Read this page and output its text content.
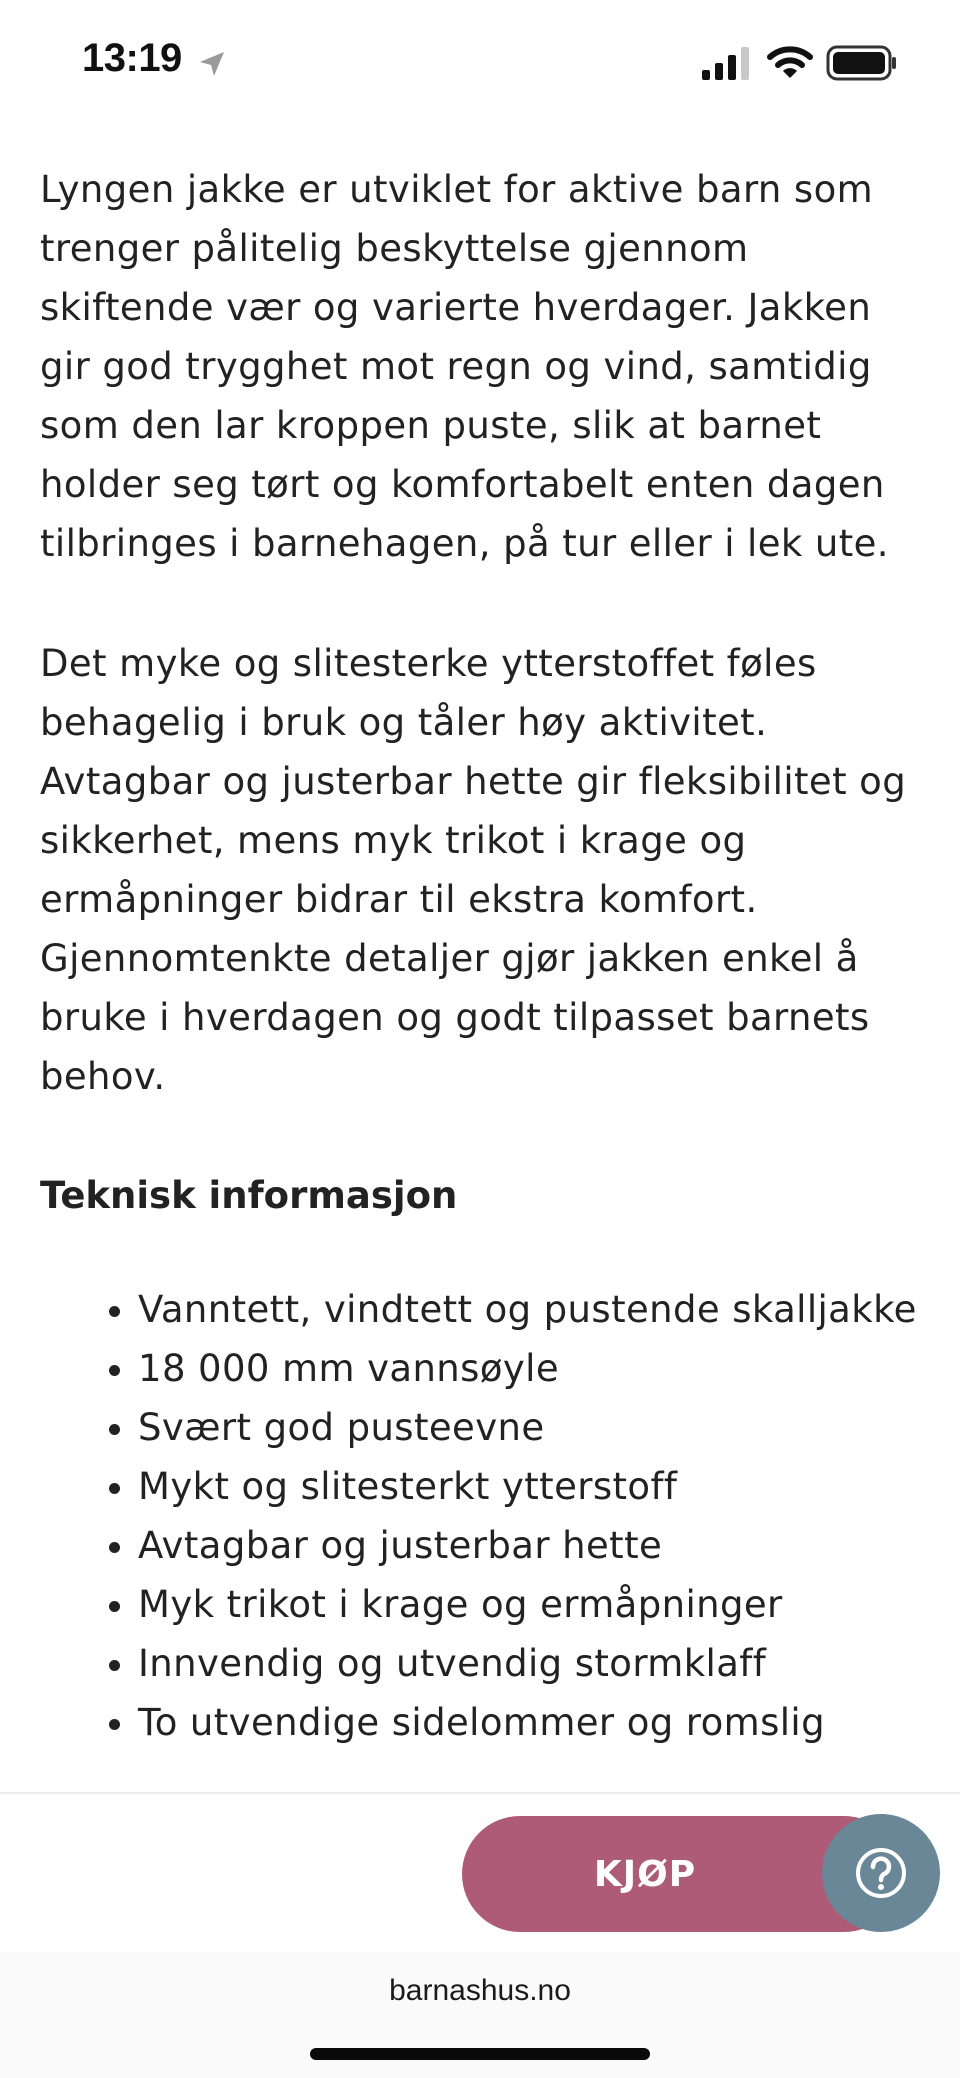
13:19

Lyngen jakke er utviklet for aktive barn som trenger pålitelig beskyttelse gjennom skiftende vær og varierte hverdager. Jakken gir god trygghet mot regn og vind, samtidig som den lar kroppen puste, slik at barnet holder seg tørt og komfortabelt enten dagen tilbringes i barnehagen, på tur eller i lek ute.

Det myke og slitesterke ytterstoffet føles behagelig i bruk og tåler høy aktivitet. Avtagbar og justerbar hette gir fleksibilitet og sikkerhet, mens myk trikot i krage og ermåpninger bidrar til ekstra komfort. Gjennomtenkte detaljer gjør jakken enkel å bruke i hverdagen og godt tilpasset barnets behov.

Teknisk informasjon
• Vanntett, vindtett og pustende skalljakke
• 18 000 mm vannsøyle
• Svært god pusteevne
• Mykt og slitesterkt ytterstoff
• Avtagbar og justerbar hette
• Myk trikot i krage og ermåpninger
• Innvendig og utvendig stormklaff
• To utvendige sidelommer og romslig
KJØP
barnashus.no
